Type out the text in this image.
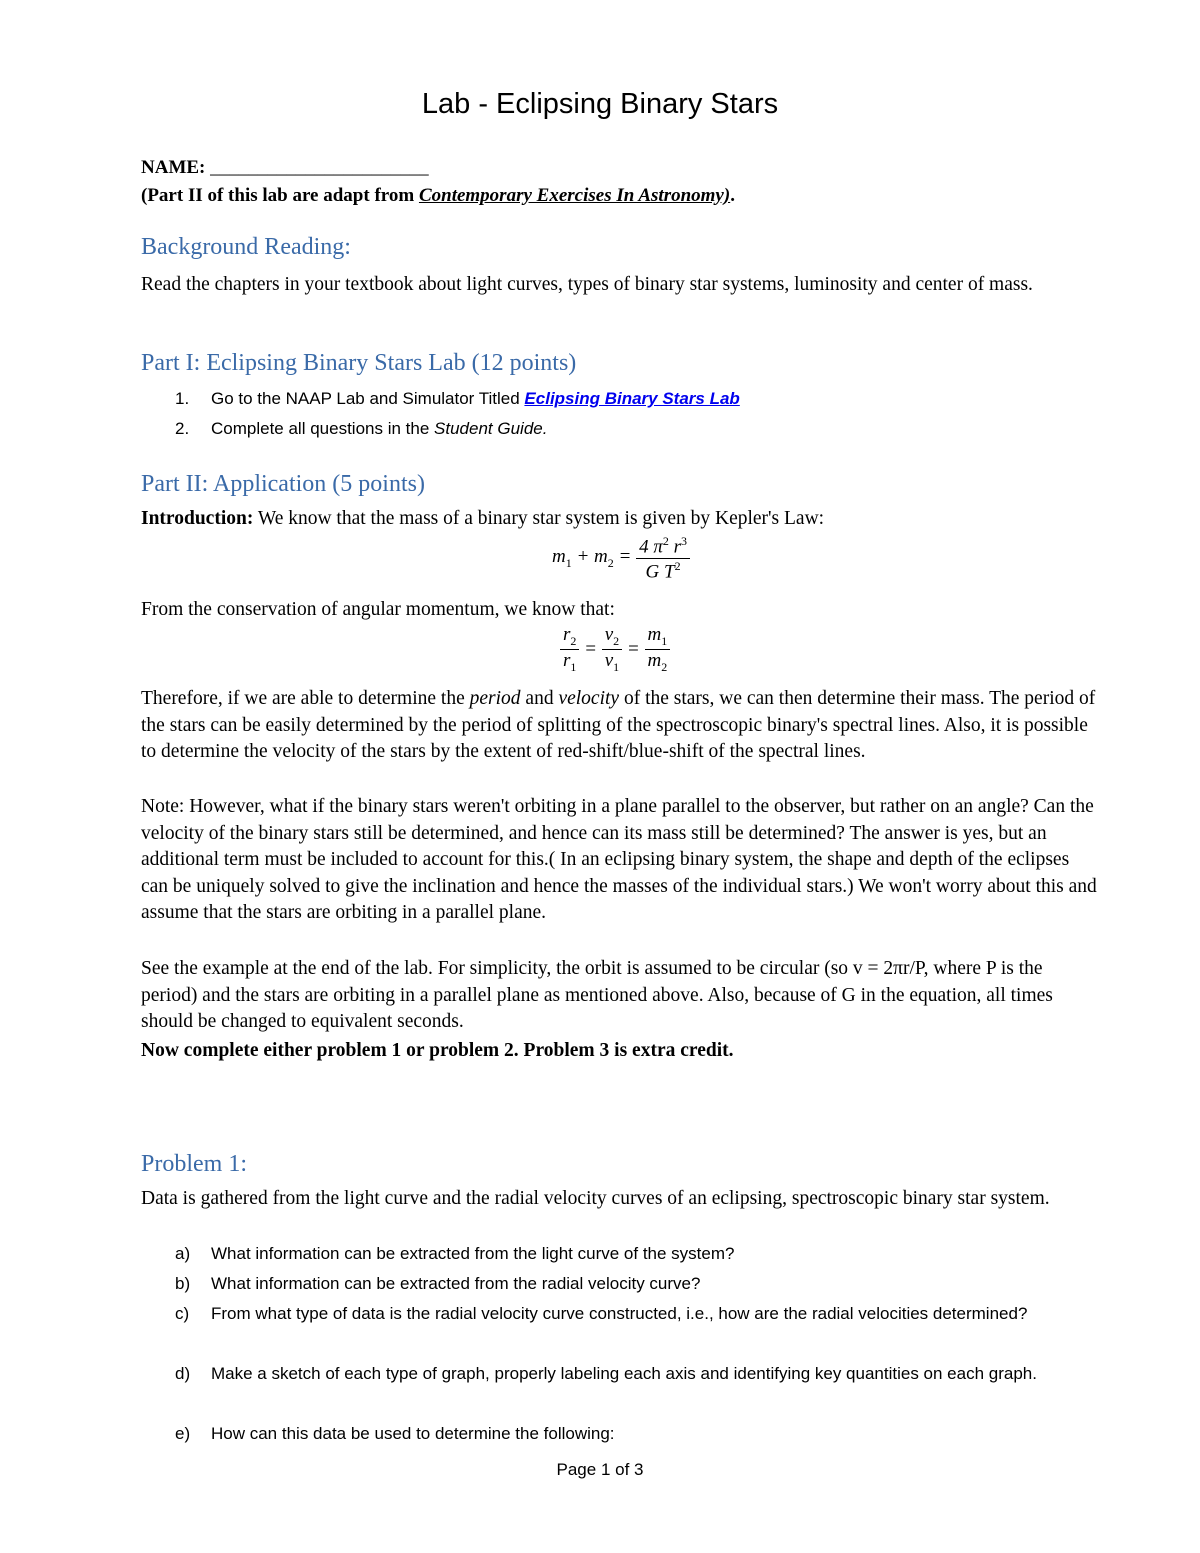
Lab - Eclipsing Binary Stars
NAME: _______________________
(Part II of this lab are adapt from Contemporary Exercises In Astronomy).
Background Reading:
Read the chapters in your textbook about light curves, types of binary star systems, luminosity and center of mass.
Part I: Eclipsing Binary Stars Lab (12 points)
1. Go to the NAAP Lab and Simulator Titled Eclipsing Binary Stars Lab
2. Complete all questions in the Student Guide.
Part II: Application (5 points)
Introduction: We know that the mass of a binary star system is given by Kepler's Law:
$m_1 + m_2 = \frac{4 \pi^2 r^3}{G T^2}$
From the conservation of angular momentum, we know that:
$\frac{r_2}{r_1} = \frac{v_2}{v_1} = \frac{m_1}{m_2}$
Therefore, if we are able to determine the period and velocity of the stars, we can then determine their mass. The period of the stars can be easily determined by the period of splitting of the spectroscopic binary's spectral lines. Also, it is possible to determine the velocity of the stars by the extent of red-shift/blue-shift of the spectral lines.
Note: However, what if the binary stars weren't orbiting in a plane parallel to the observer, but rather on an angle? Can the velocity of the binary stars still be determined, and hence can its mass still be determined? The answer is yes, but an additional term must be included to account for this.( In an eclipsing binary system, the shape and depth of the eclipses can be uniquely solved to give the inclination and hence the masses of the individual stars.) We won't worry about this and assume that the stars are orbiting in a parallel plane.
See the example at the end of the lab. For simplicity, the orbit is assumed to be circular (so v = 2πr/P, where P is the period) and the stars are orbiting in a parallel plane as mentioned above. Also, because of G in the equation, all times should be changed to equivalent seconds.
Now complete either problem 1 or problem 2. Problem 3 is extra credit.
Problem 1:
Data is gathered from the light curve and the radial velocity curves of an eclipsing, spectroscopic binary star system.
a) What information can be extracted from the light curve of the system?
b) What information can be extracted from the radial velocity curve?
c) From what type of data is the radial velocity curve constructed, i.e., how are the radial velocities determined?
d) Make a sketch of each type of graph, properly labeling each axis and identifying key quantities on each graph.
e) How can this data be used to determine the following:
Page 1 of 3
